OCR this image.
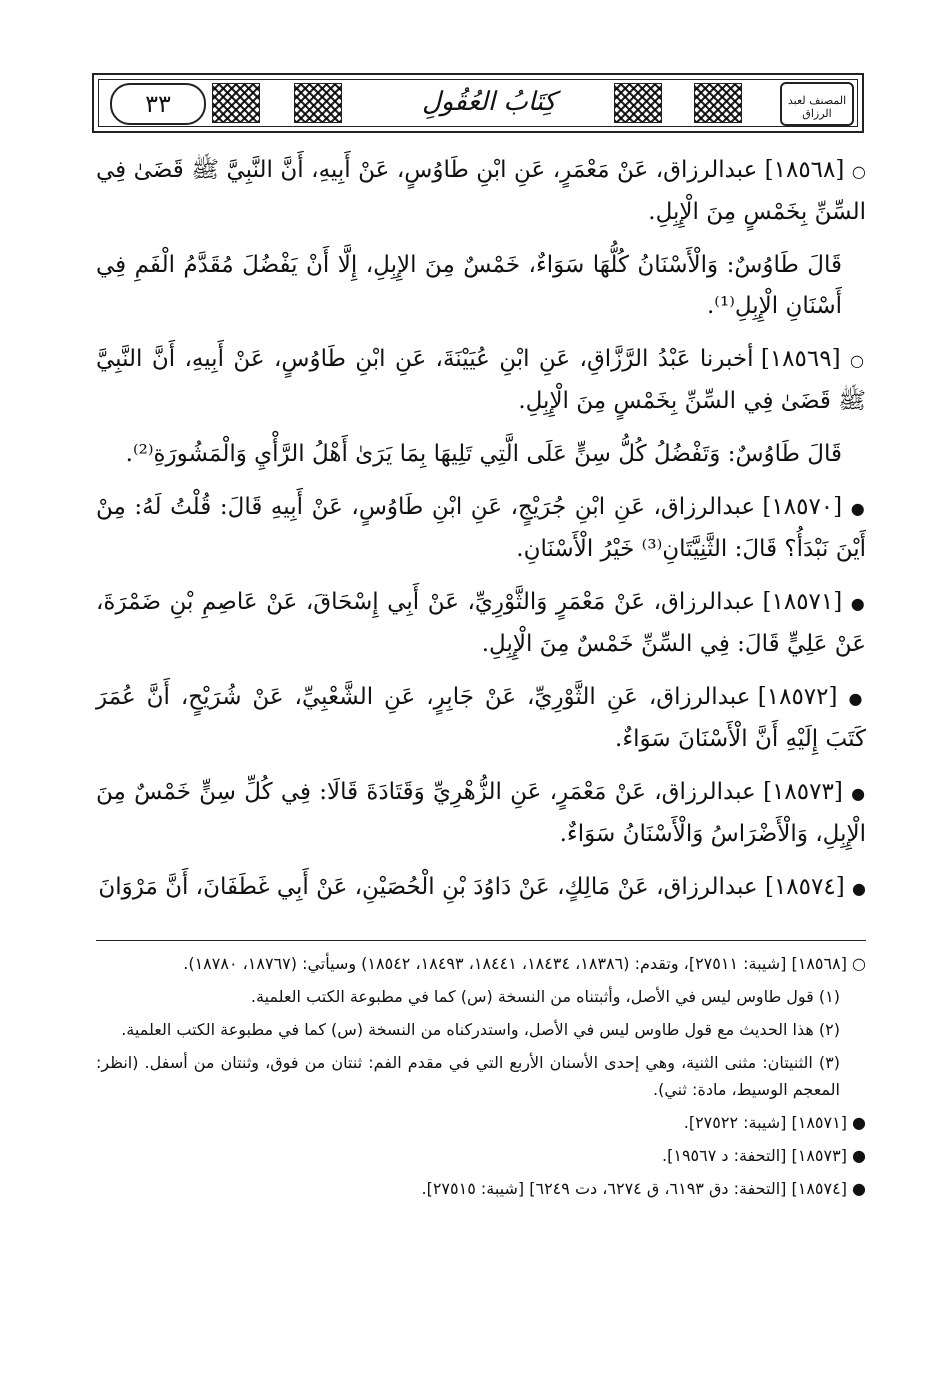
٣٣	كِتَابُ العُقُولِ	المصنف لعبد الرزاق

○ [١٨٥٦٨] عبدالرزاق، عَنْ مَعْمَرٍ، عَنِ ابْنِ طَاوُسٍ، عَنْ أَبِيهِ، أَنَّ النَّبِيَّ ﷺ قَضَىٰ فِي السِّنِّ بِخَمْسٍ مِنَ الْإِبِلِ.

قَالَ طَاوُسٌ: وَالْأَسْنَانُ كُلُّهَا سَوَاءٌ، خَمْسٌ مِنَ الإِبِلِ، إِلَّا أَنْ يَفْضُلَ مُقَدَّمُ الْفَمِ فِي أَسْنَانِ الْإِبِلِ⁽¹⁾.

○ [١٨٥٦٩] أخبرنا عَبْدُ الرَّزَّاقِ، عَنِ ابْنِ عُيَيْنَةَ، عَنِ ابْنِ طَاوُسٍ، عَنْ أَبِيهِ، أَنَّ النَّبِيَّ ﷺ قَضَىٰ فِي السِّنِّ بِخَمْسٍ مِنَ الْإِبِلِ.

قَالَ طَاوُسٌ: وَتَفْضُلُ كُلُّ سِنٍّ عَلَى الَّتِي تَلِيهَا بِمَا يَرَىٰ أَهْلُ الرَّأْيِ وَالْمَشُورَةِ⁽²⁾.

● [١٨٥٧٠] عبدالرزاق، عَنِ ابْنِ جُرَيْجٍ، عَنِ ابْنِ طَاوُسٍ، عَنْ أَبِيهِ قَالَ: قُلْتُ لَهُ: مِنْ أَيْنَ نَبْدَأُ؟ قَالَ: الثَّنِيَّتَانِ⁽³⁾ خَيْرُ الْأَسْنَانِ.

● [١٨٥٧١] عبدالرزاق، عَنْ مَعْمَرٍ وَالثَّوْرِيِّ، عَنْ أَبِي إِسْحَاقَ، عَنْ عَاصِمِ بْنِ ضَمْرَةَ، عَنْ عَلِيٍّ قَالَ: فِي السِّنِّ خَمْسٌ مِنَ الْإِبِلِ.

● [١٨٥٧٢] عبدالرزاق، عَنِ الثَّوْرِيِّ، عَنْ جَابِرٍ، عَنِ الشَّعْبِيِّ، عَنْ شُرَيْحٍ، أَنَّ عُمَرَ كَتَبَ إِلَيْهِ أَنَّ الْأَسْنَانَ سَوَاءٌ.

● [١٨٥٧٣] عبدالرزاق، عَنْ مَعْمَرٍ، عَنِ الزُّهْرِيِّ وَقَتَادَةَ قَالَا: فِي كُلِّ سِنٍّ خَمْسٌ مِنَ الْإِبِلِ، وَالْأَضْرَاسُ وَالْأَسْنَانُ سَوَاءٌ.

● [١٨٥٧٤] عبدالرزاق، عَنْ مَالِكٍ، عَنْ دَاوُدَ بْنِ الْحُصَيْنِ، عَنْ أَبِي غَطَفَانَ، أَنَّ مَرْوَانَ

○ [١٨٥٦٨] [شيبة: ٢٧٥١١]، وتقدم: (١٨٣٨٦، ١٨٤٣٤، ١٨٤٤١، ١٨٤٩٣، ١٨٥٤٢) وسيأتي: (١٨٧٦٧، ١٨٧٨٠).

(١) قول طاوس ليس في الأصل، وأثبتناه من النسخة (س) كما في مطبوعة الكتب العلمية.

(٢) هذا الحديث مع قول طاوس ليس في الأصل، واستدركناه من النسخة (س) كما في مطبوعة الكتب العلمية.

(٣) الثنيتان: مثنى الثنية، وهي إحدى الأسنان الأربع التي في مقدم الفم: ثنتان من فوق، وثنتان من أسفل. (انظر: المعجم الوسيط، مادة: ثني).

● [١٨٥٧١] [شيبة: ٢٧٥٢٢].

● [١٨٥٧٣] [التحفة: د ١٩٥٦٧].

● [١٨٥٧٤] [التحفة: دق ٦١٩٣، ق ٦٢٧٤، دت ٦٢٤٩] [شيبة: ٢٧٥١٥].
